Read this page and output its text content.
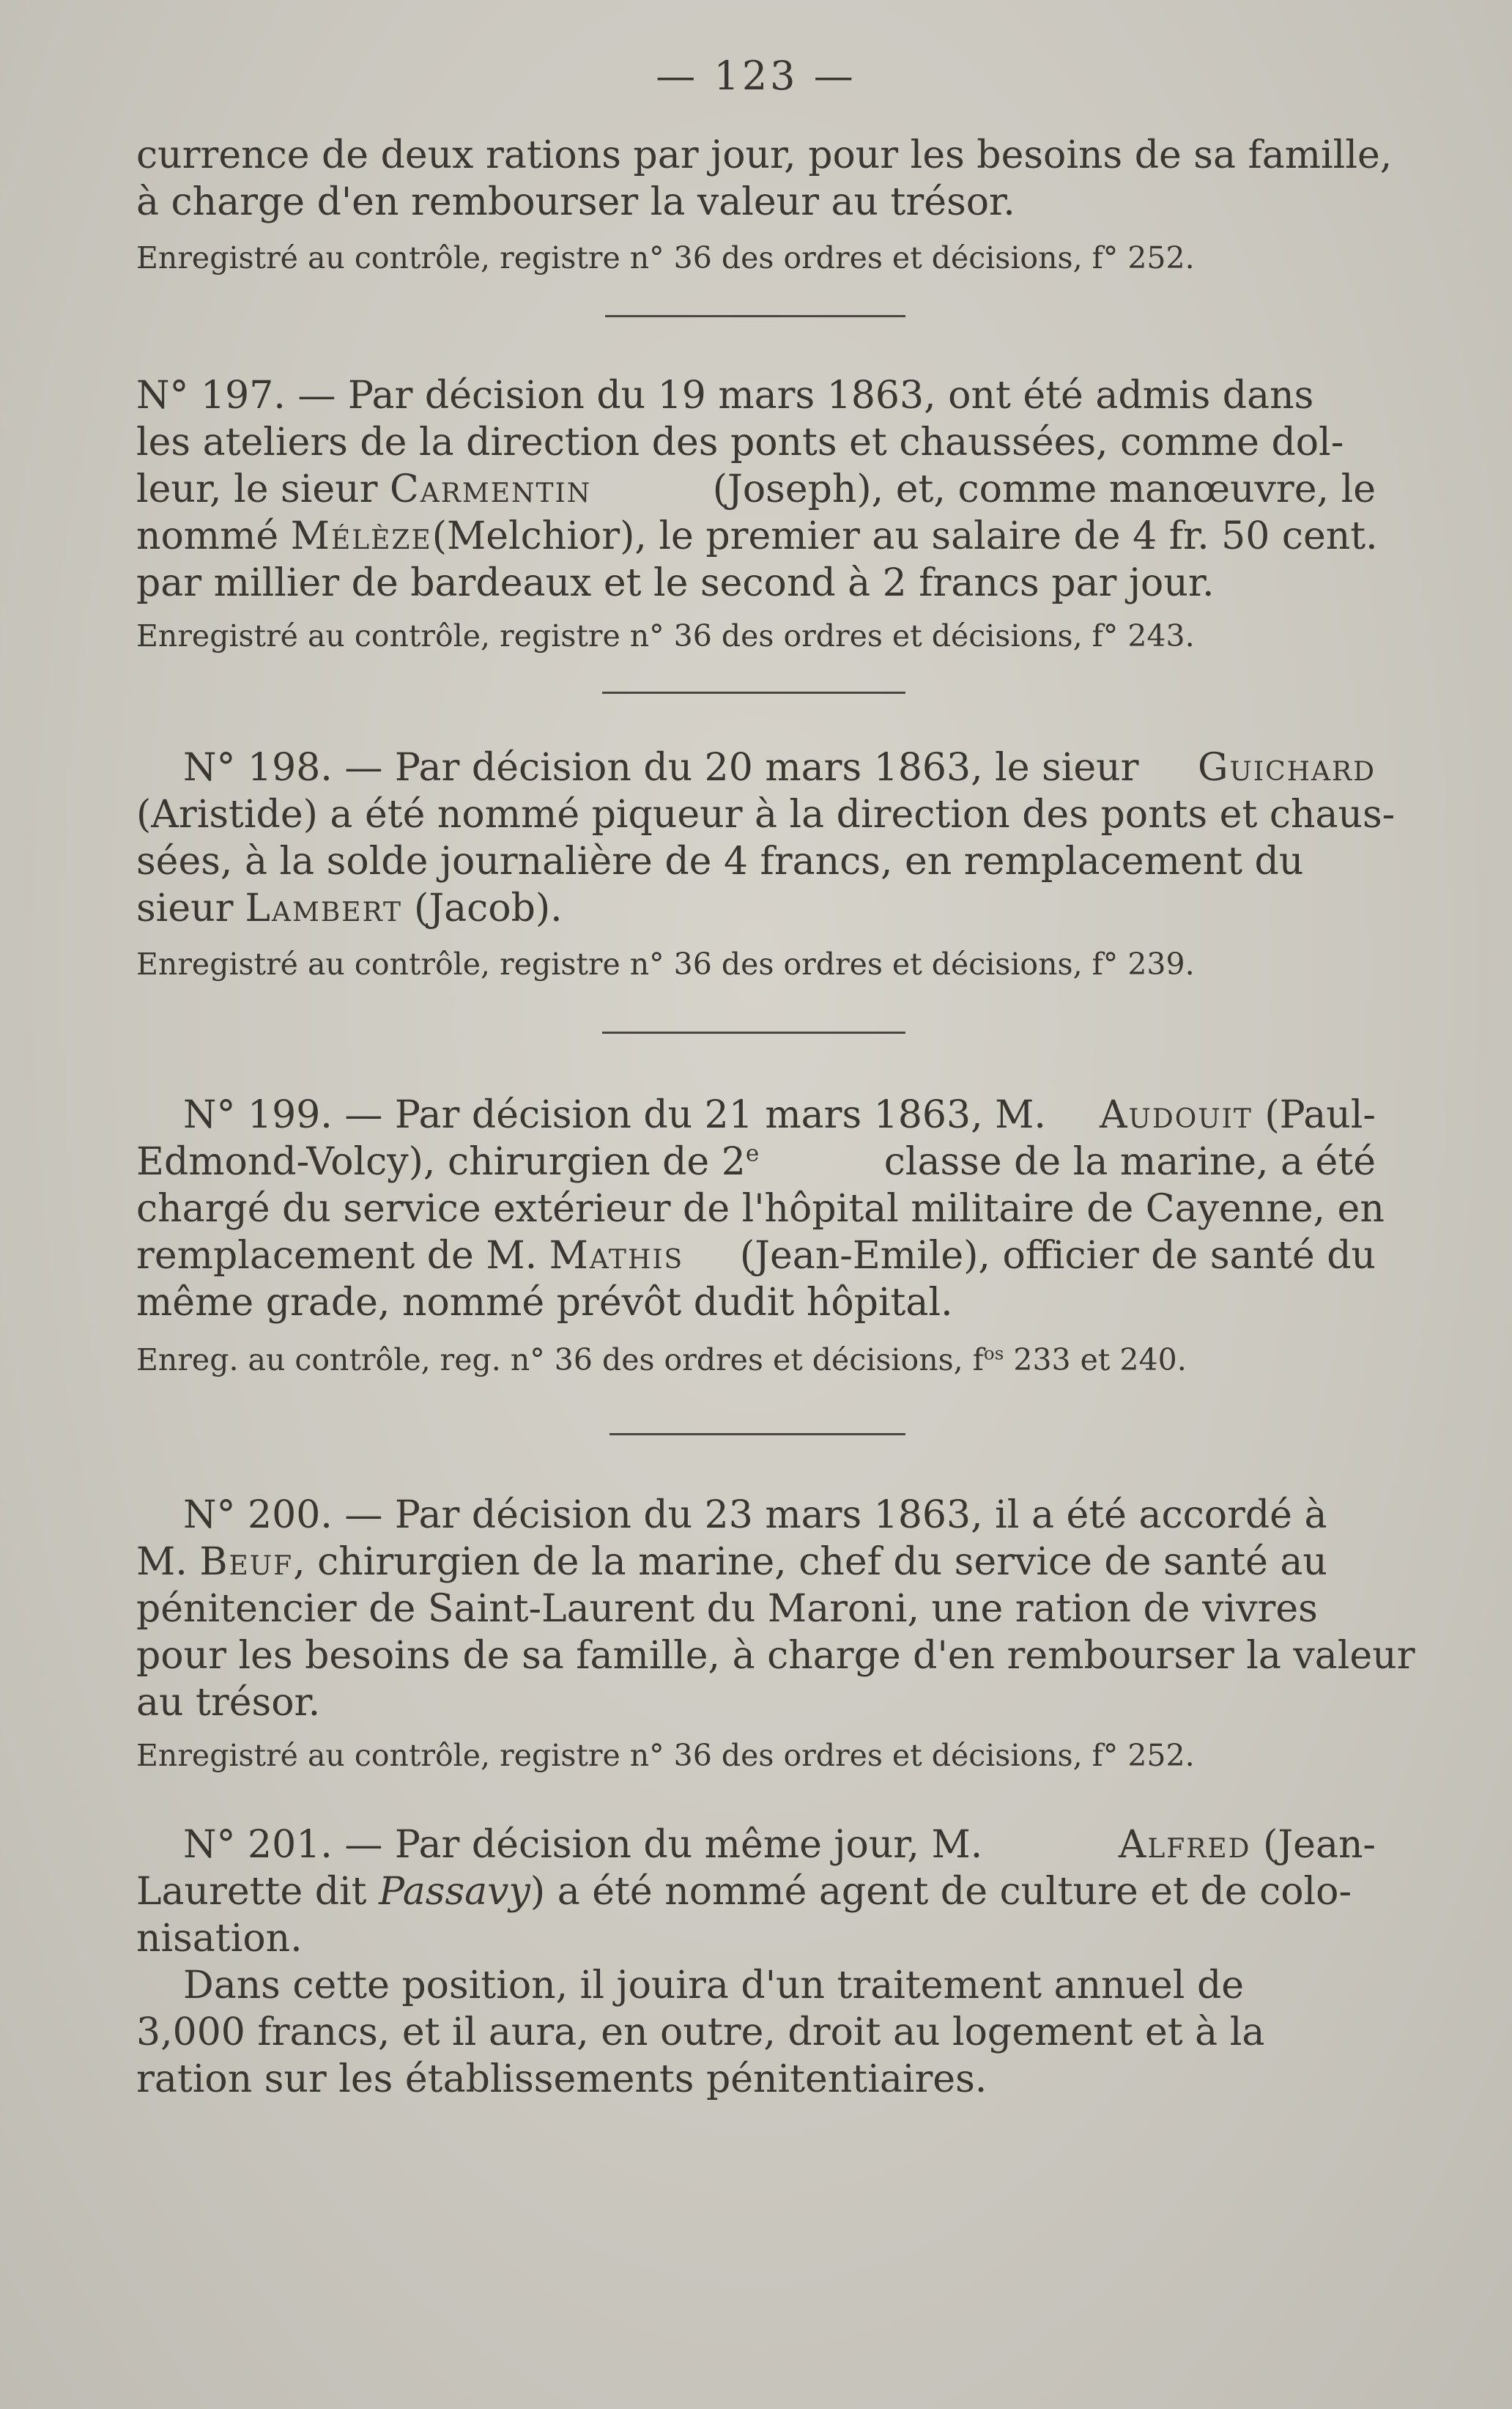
— 123 —
currence de deux rations par jour, pour les besoins de sa famille,
à charge d'en rembourser la valeur au trésor.
Enregistré au contrôle, registre n° 36 des ordres et décisions, f° 252.
N° 197. — Par décision du 19 mars 1863, ont été admis dans
les ateliers de la direction des ponts et chaussées, comme dol-
leur, le sieur Carmentin	(Joseph), et, comme manœuvre, le
nommé Mélèze (Melchior), le premier au salaire de 4 fr. 50 cent.
par millier de bardeaux et le second à 2 francs par jour.
Enregistré au contrôle, registre n° 36 des ordres et décisions, f° 243.
N° 198. — Par décision du 20 mars 1863, le sieur Guichard
(Aristide) a été nommé piqueur à la direction des ponts et chaus-
sées, à la solde journalière de 4 francs, en remplacement du
sieur Lambert (Jacob).
Enregistré au contrôle, registre n° 36 des ordres et décisions, f° 239.
N° 199. — Par décision du 21 mars 1863, M. Audouit (Paul-
Edmond-Volcy), chirurgien de 2e	classe de la marine, a été
chargé du service extérieur de l'hôpital militaire de Cayenne, en
remplacement de M. Mathis (Jean-Emile), officier de santé du
même grade, nommé prévôt dudit hôpital.
Enreg. au contrôle, reg. n° 36 des ordres et décisions, $f^{os}$ 233 et 240.
N° 200. — Par décision du 23 mars 1863, il a été accordé à
M. Beuf, chirurgien de la marine, chef du service de santé au
pénitencier de Saint-Laurent du Maroni, une ration de vivres
pour les besoins de sa famille, à charge d'en rembourser la valeur
au trésor.
Enregistré au contrôle, registre n° 36 des ordres et décisions, f° 252.
N° 201. — Par décision du même jour, M.	Alfred (Jean-
Laurette dit Passavy) a été nommé agent de culture et de colo-
nisation.
Dans cette position, il jouira d'un traitement annuel de
3,000 francs, et il aura, en outre, droit au logement et à la
ration sur les établissements pénitentiaires.
